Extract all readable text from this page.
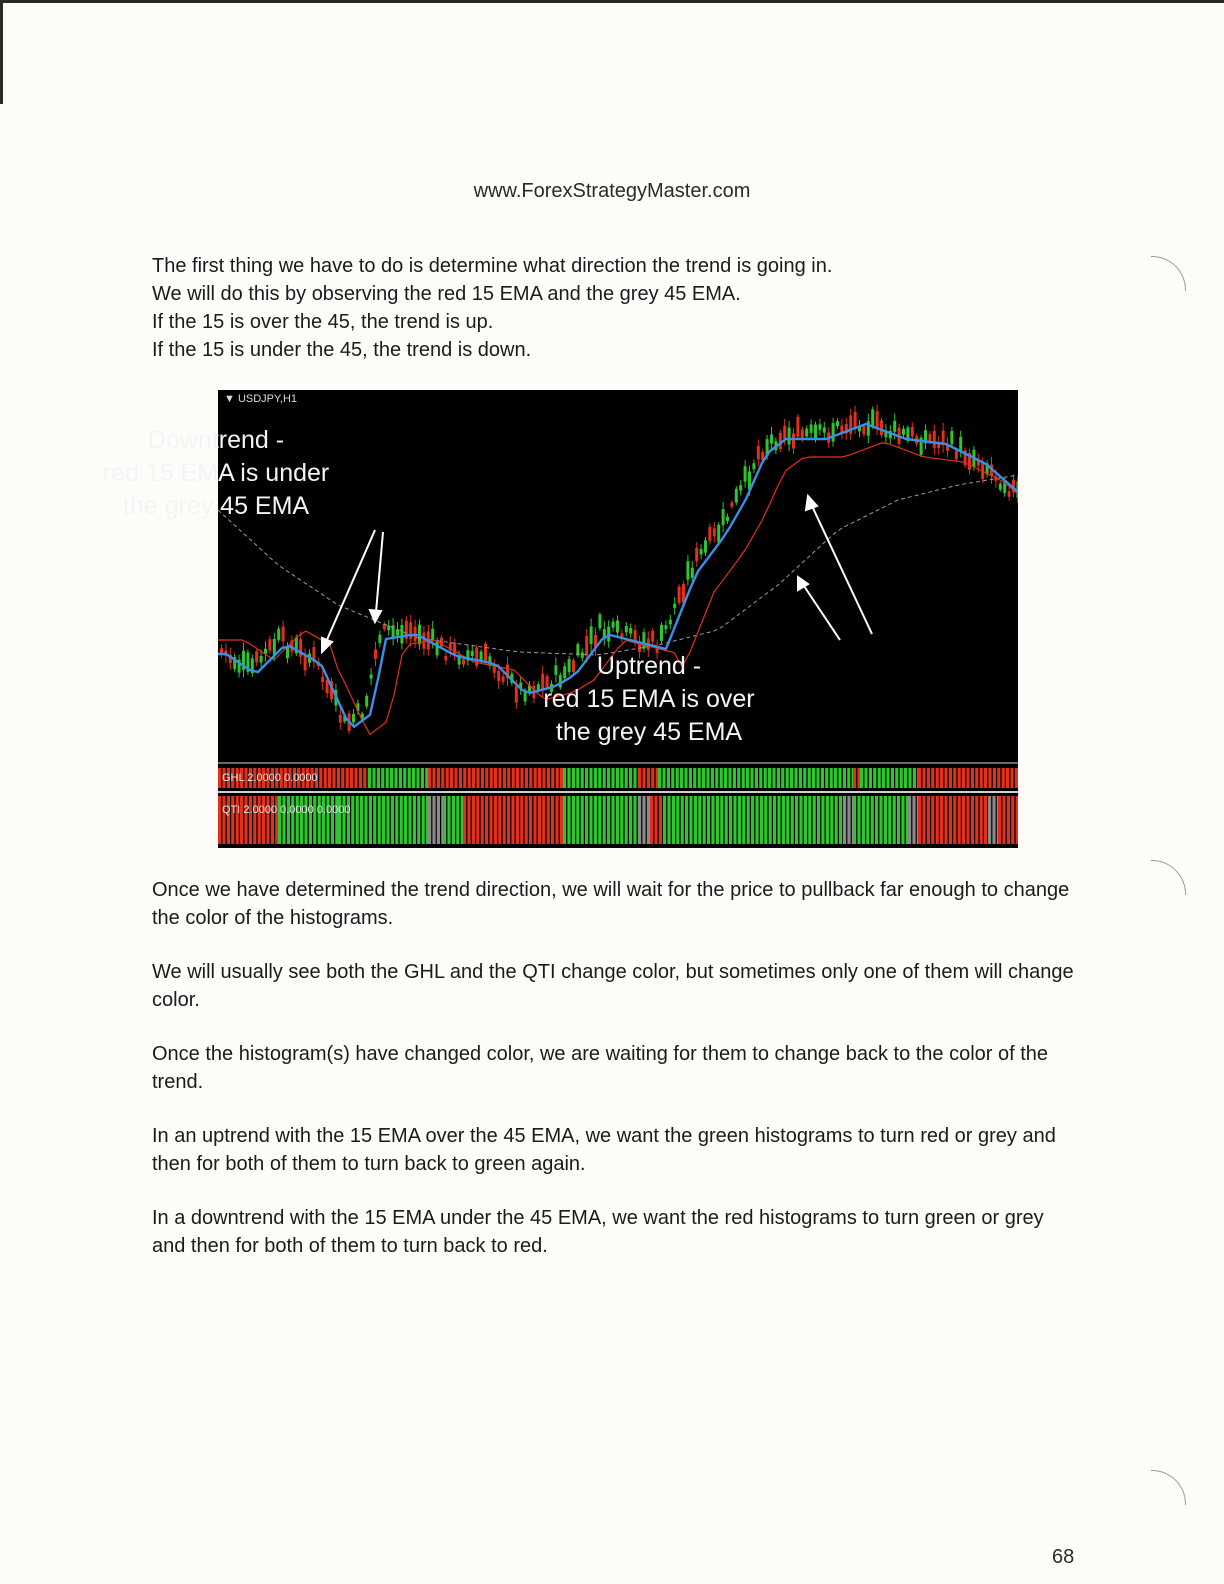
www.ForexStrategyMaster.com

The first thing we have to do is determine what direction the trend is going in.

We will do this by observing the red 15 EMA and the grey 45 EMA.

If the 15 is over the 45, the trend is up.

If the 15 is under the 45, the trend is down.

▼ USDJPY,H1
GHL 2.0000 0.0000
QTI 2.0000 0.0000 0.0000
Downtrend -
red 15 EMA is under
the grey 45 EMA
Uptrend -
red 15 EMA is over
the grey 45 EMA

Once we have determined the trend direction, we will wait for the price to pullback far enough to change the color of the histograms.

We will usually see both the GHL and the QTI change color, but sometimes only one of them will change color.

Once the histogram(s) have changed color, we are waiting for them to change back to the color of the trend.

In an uptrend with the 15 EMA over the 45 EMA, we want the green histograms to turn red or grey and then for both of them to turn back to green again.

In a downtrend with the 15 EMA under the 45 EMA, we want the red histograms to turn green or grey and then for both of them to turn back to red.

68
